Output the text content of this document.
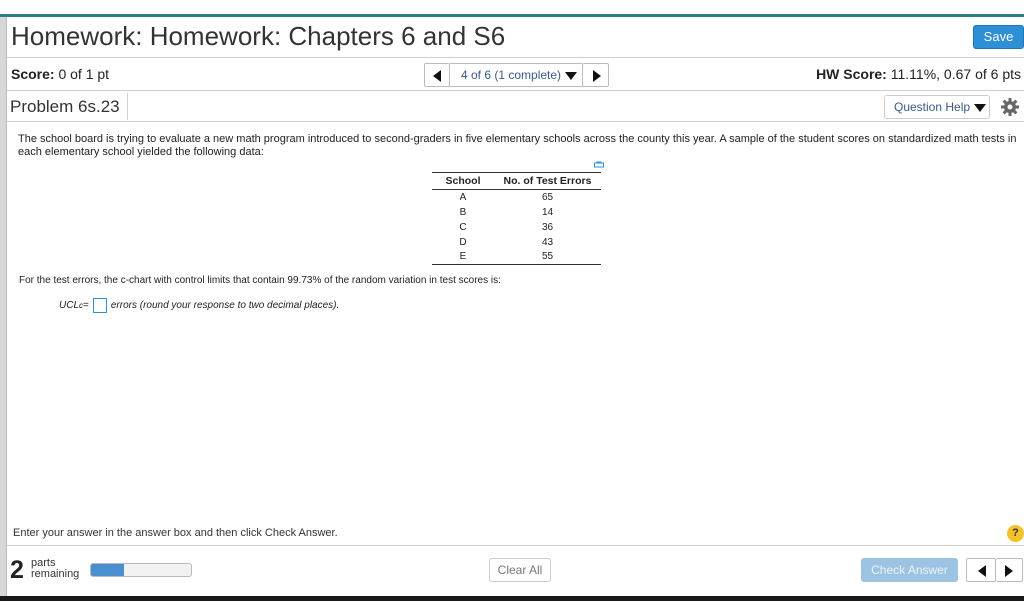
Homework: Homework: Chapters 6 and S6	Save
Score: 0 of 1 pt	4 of 6 (1 complete)	HW Score: 11.11%, 0.67 of 6 pts
Problem 6s.23	Question Help
The school board is trying to evaluate a new math program introduced to second-graders in five elementary schools across the county this year. A sample of the student scores on standardized math tests in each elementary school yielded the following data:
School	No. of Test Errors
A	65
B	14
C	36
D	43
E	55
For the test errors, the c-chart with control limits that contain 99.73% of the random variation in test scores is:
UCL c = errors (round your response to two decimal places).
Enter your answer in the answer box and then click Check Answer.	?
2 parts
remaining	Clear All	Check Answer
